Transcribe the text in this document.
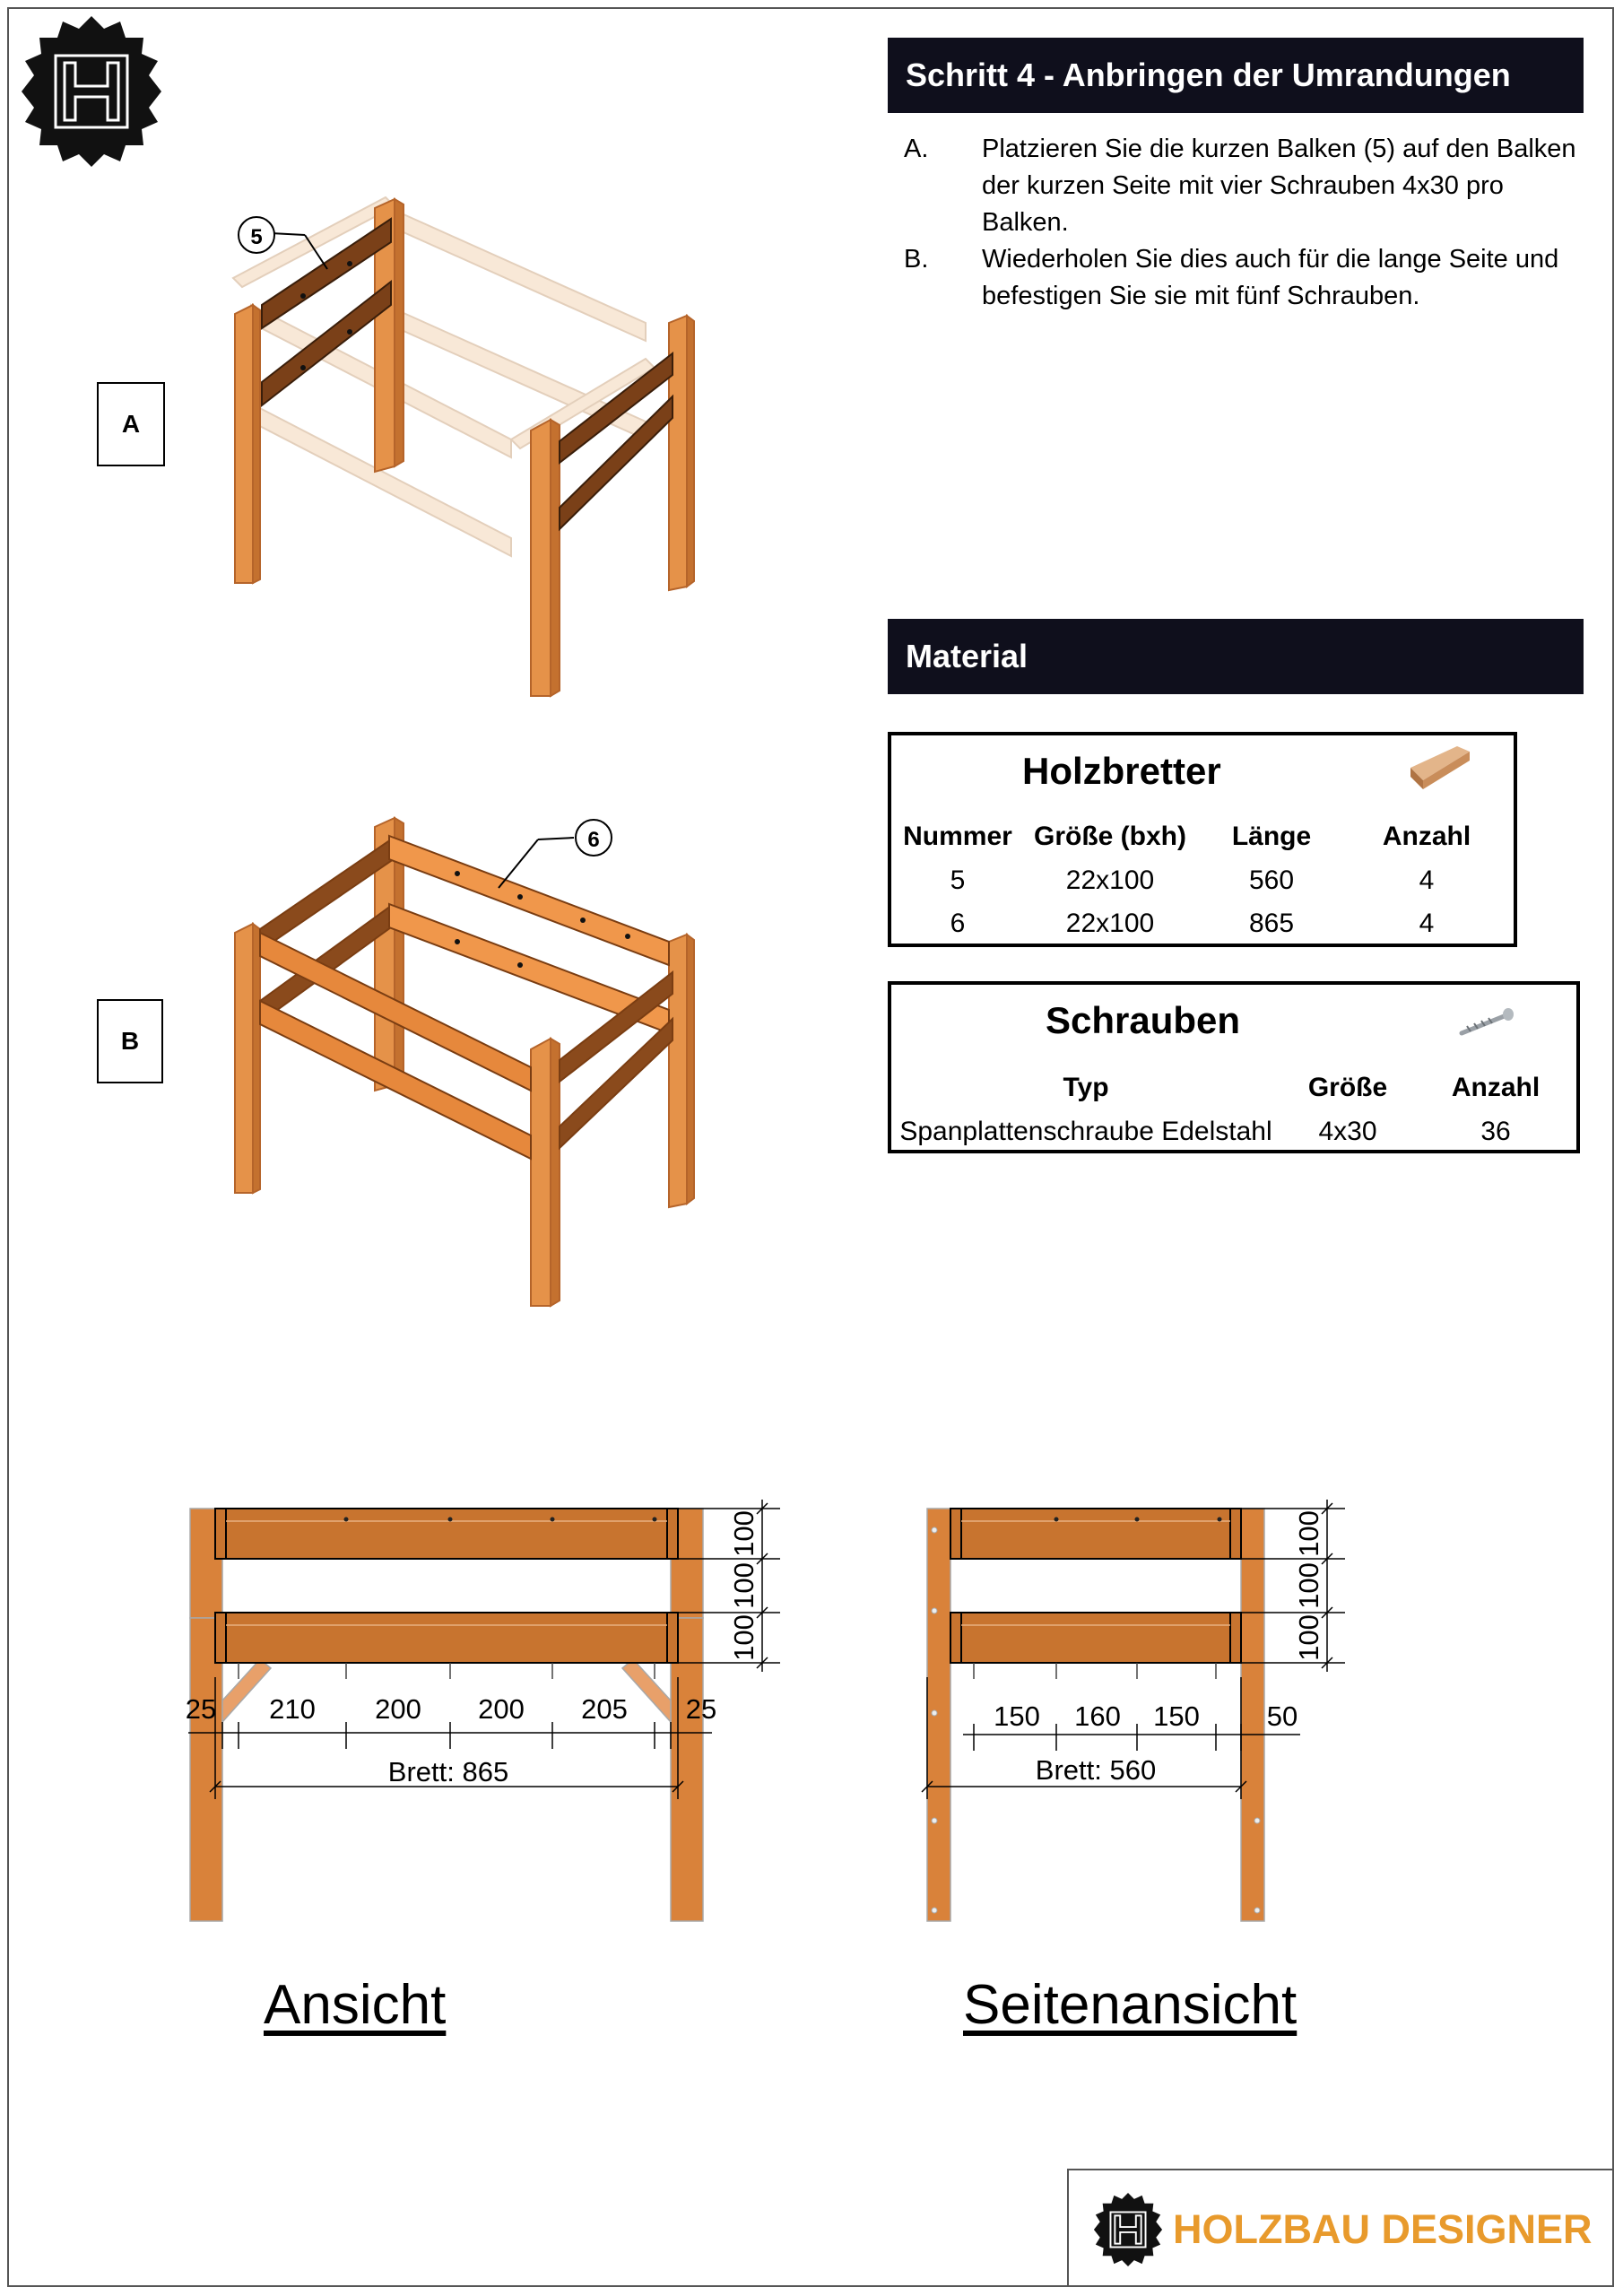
Schritt 4 - Anbringen der Umrandungen
A.	Platzieren Sie die kurzen Balken (5) auf den Balken der kurzen Seite mit vier Schrauben 4x30 pro Balken.
B.	Wiederholen Sie dies auch für die lange Seite und befestigen Sie sie mit fünf Schrauben.
Material
Holzbretter
Nummer	Größe (bxh)	Länge	Anzahl
5	22x100	560	4
6	22x100	865	4
Schrauben
Typ	Größe	Anzahl
Spanplattenschraube Edelstahl	4x30	36
A
B
5
6
25 210 200 200 205 25
Brett: 865
100
100
100
150 160 150 50
Brett: 560
100
100
100
Ansicht	Seitenansicht
HOLZBAU DESIGNER
